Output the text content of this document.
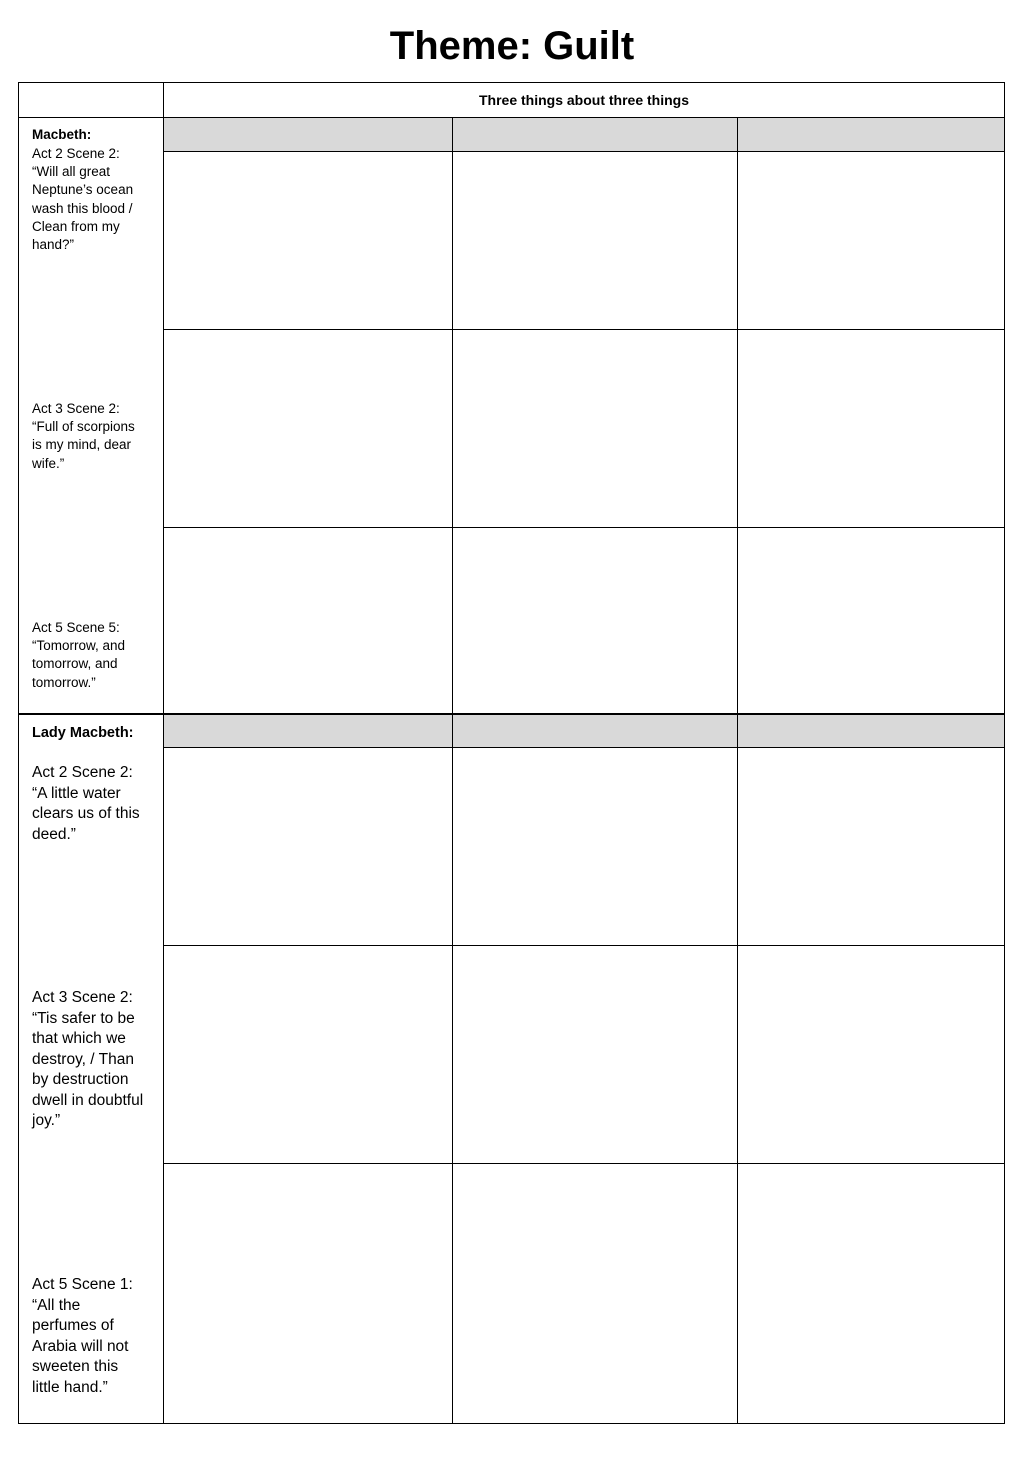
Theme: Guilt
Three things about three things
Macbeth:
Act 2 Scene 2:
“Will all great Neptune’s ocean wash this blood / Clean from my hand?”
Act 3 Scene 2:
“Full of scorpions is my mind, dear wife.”
Act 5 Scene 5:
“Tomorrow, and tomorrow, and tomorrow.”
Lady Macbeth:
Act 2 Scene 2:
“A little water clears us of this deed.”
Act 3 Scene 2:
“Tis safer to be that which we destroy, / Than by destruction dwell in doubtful joy.”
Act 5 Scene 1:
“All the perfumes of Arabia will not sweeten this little hand.”
